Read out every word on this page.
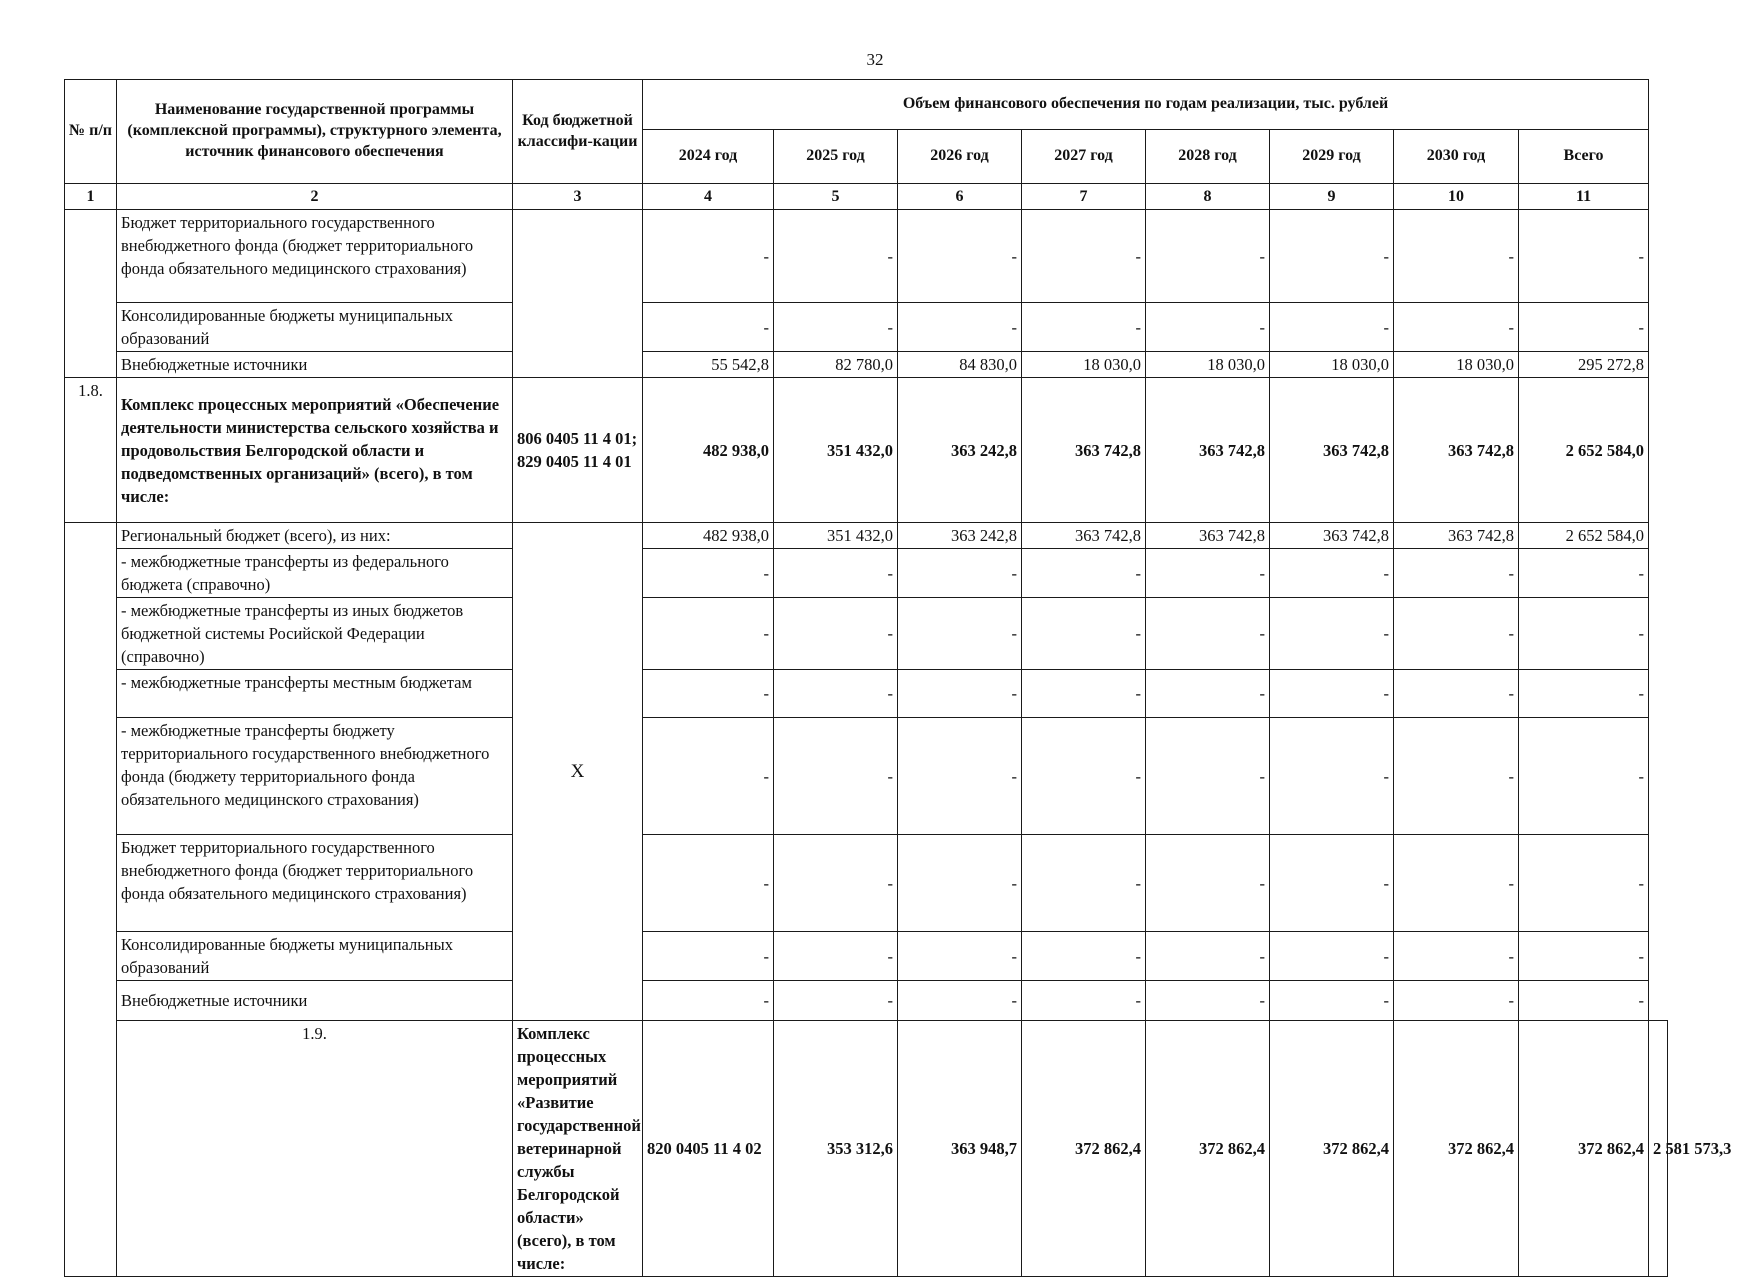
32
№ п/п	Наименование государственной программы (комплексной программы), структурного элемента, источник финансового обеспечения	Код бюджетной классифи-кации	Объем финансового обеспечения по годам реализации, тыс. рублей								
			2024 год	2025 год	2026 год	2027 год	2028 год	2029 год	2030 год	Всего	
1	2	3	4	5	6	7	8	9	10	11	
	Бюджет территориального государственного внебюджетного фонда (бюджет территориального фонда обязательного медицинского страхования)		-	-	-	-	-	-	-	-	
	Консолидированные бюджеты муниципальных образований		-	-	-	-	-	-	-	-	
	Внебюджетные источники		55 542,8	82 780,0	84 830,0	18 030,0	18 030,0	18 030,0	18 030,0	295 272,8	
1.8.	Комплекс процессных мероприятий «Обеспечение деятельности министерства сельского хозяйства и продовольствия Белгородской области и подведомственных организаций» (всего), в том числе:	806 0405 11 4 01; 829 0405 11 4 01	482 938,0	351 432,0	363 242,8	363 742,8	363 742,8	363 742,8	363 742,8	2 652 584,0	
	Региональный бюджет (всего), из них:	X	482 938,0	351 432,0	363 242,8	363 742,8	363 742,8	363 742,8	363 742,8	2 652 584,0	
	- межбюджетные трансферты из федерального бюджета (справочно)		-	-	-	-	-	-	-	-	
	- межбюджетные трансферты из иных бюджетов бюджетной системы Росийской Федерации (справочно)		-	-	-	-	-	-	-	-	
	- межбюджетные трансферты местным бюджетам		-	-	-	-	-	-	-	-	
	- межбюджетные трансферты бюджету территориального государственного внебюджетного фонда (бюджету территориального фонда обязательного медицинского страхования)		-	-	-	-	-	-	-	-	
	Бюджет территориального государственного внебюджетного фонда (бюджет территориального фонда обязательного медицинского страхования)		-	-	-	-	-	-	-	-	
	Консолидированные бюджеты муниципальных образований		-	-	-	-	-	-	-	-	
	Внебюджетные источники		-	-	-	-	-	-	-	-	
	1.9.	Комплекс процессных мероприятий «Развитие государственной ветеринарной службы Белгородской области» (всего), в том числе:	820 0405 11 4 02	353 312,6	363 948,7	372 862,4	372 862,4	372 862,4	372 862,4	372 862,4	2 581 573,3
